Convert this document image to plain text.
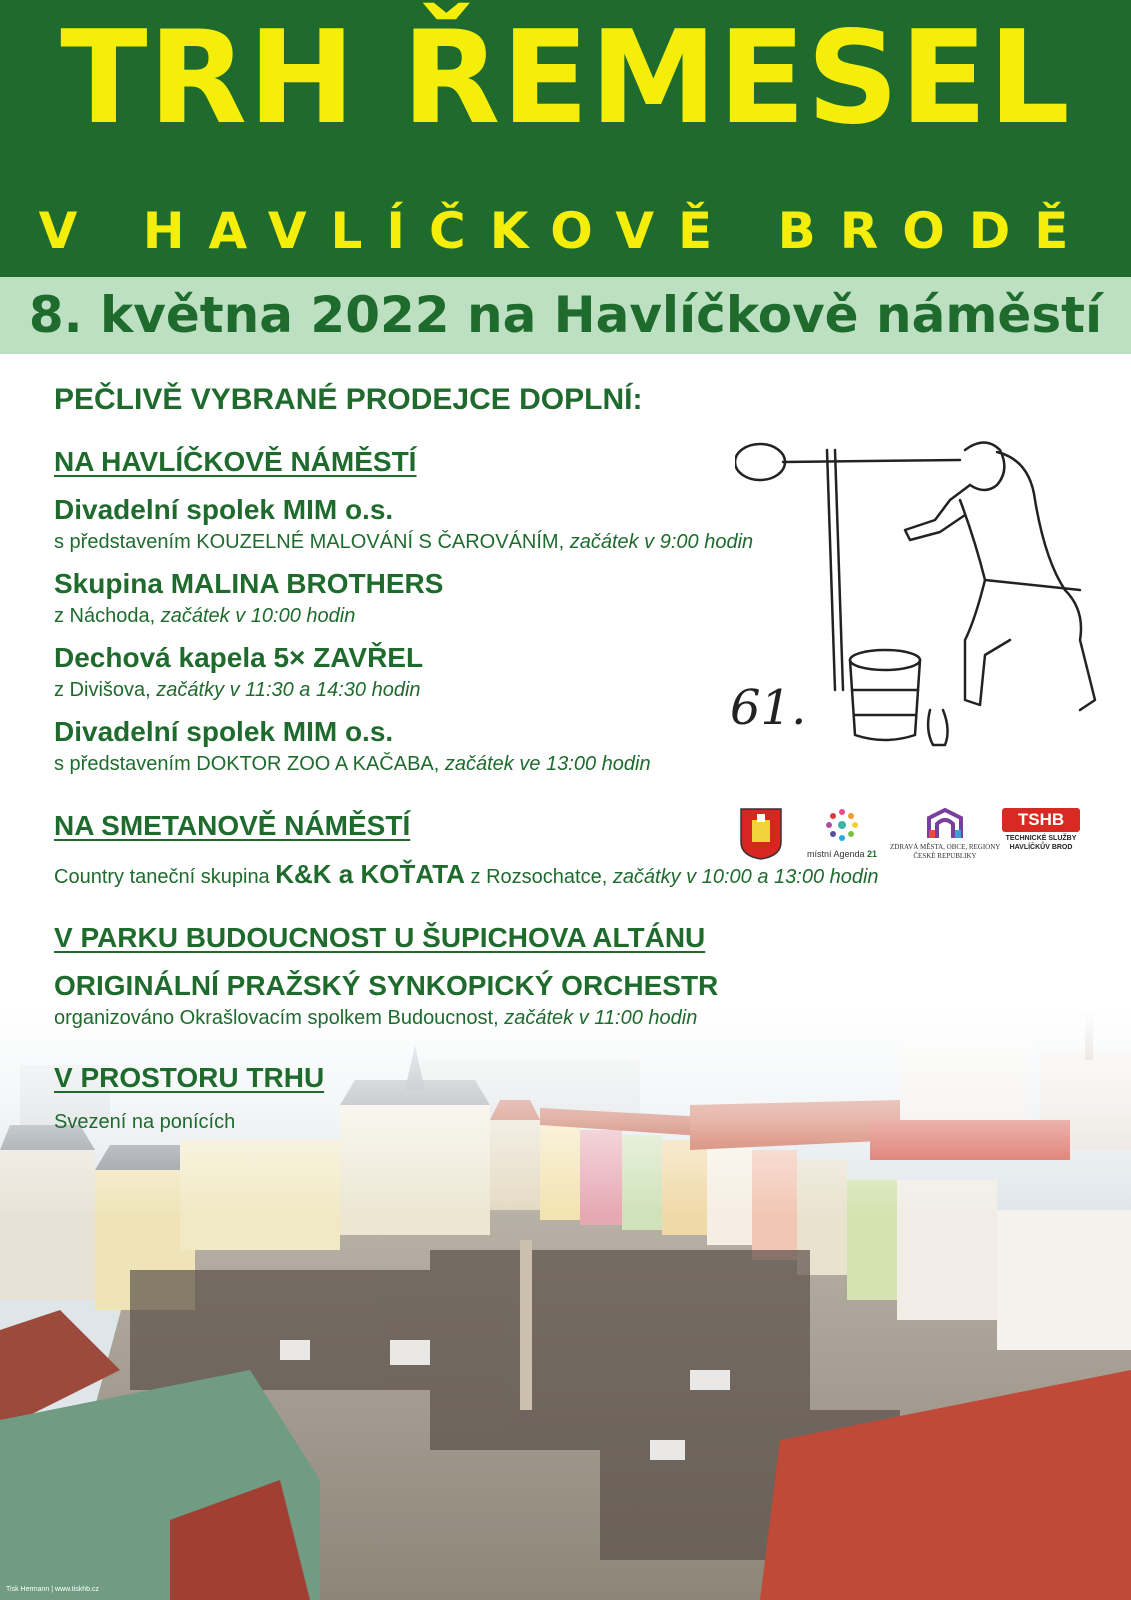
TRH ŘEMESEL
V HAVLÍČKOVĚ BRODĚ
8. května 2022 na Havlíčkově náměstí
61.
PEČLIVĚ VYBRANÉ PRODEJCE DOPLNÍ:
NA HAVLÍČKOVĚ NÁMĚSTÍ
Divadelní spolek MIM o.s.
s představením KOUZELNÉ MALOVÁNÍ S ČAROVÁNÍM, začátek v 9:00 hodin
Skupina MALINA BROTHERS
z Náchoda, začátek v 10:00 hodin
Dechová kapela 5× ZAVŘEL
z Divišova, začátky v 11:30 a 14:30 hodin
Divadelní spolek MIM o.s.
s představením DOKTOR ZOO A KAČABA, začátek ve 13:00 hodin
NA SMETANOVĚ NÁMĚSTÍ
Country taneční skupina K&K a KOŤATA z Rozsochatce, začátky v 10:00 a 13:00 hodin
V PARKU BUDOUCNOST U ŠUPICHOVA ALTÁNU
ORIGINÁLNÍ PRAŽSKÝ SYNKOPICKÝ ORCHESTR
organizováno Okrašlovacím spolkem Budoucnost, začátek v 11:00 hodin
V PROSTORU TRHU
Svezení na ponících
místní Agenda 21
ZDRAVÁ MĚSTA, OBCE, REGIONY
ČESKÉ REPUBLIKY
TSHB
TECHNICKÉ SLUŽBY
HAVLÍČKŮV BROD
Tisk Hermann | www.tiskhb.cz
